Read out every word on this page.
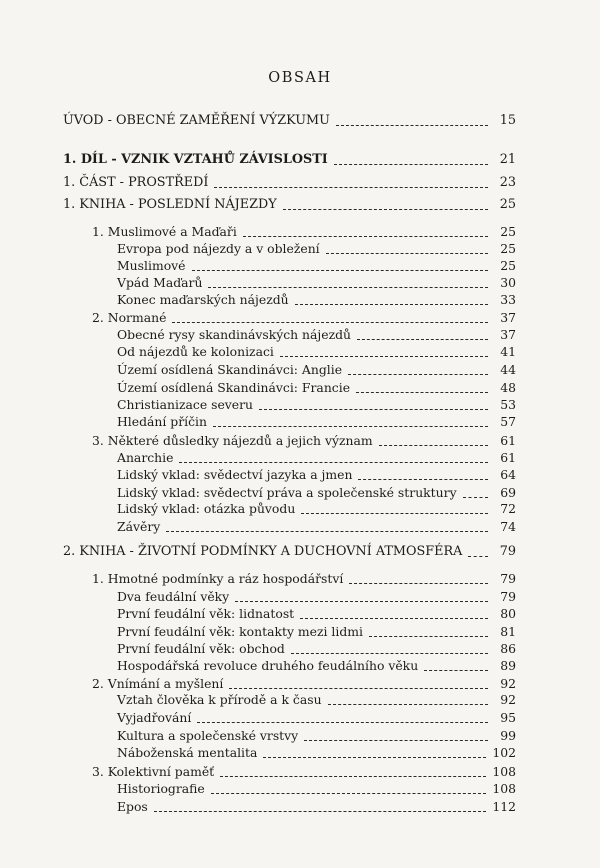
OBSAH
ÚVOD - OBECNÉ ZAMĚŘENÍ VÝZKUMU	15
1. DÍL - VZNIK VZTAHŮ ZÁVISLOSTI	21
1. ČÁST - PROSTŘEDÍ	23
1. KNIHA - POSLEDNÍ NÁJEZDY	25
1. Muslimové a Maďaři	25
Evropa pod nájezdy a v obležení	25
Muslimové	25
Vpád Maďarů	30
Konec maďarských nájezdů	33
2. Normané	37
Obecné rysy skandinávských nájezdů	37
Od nájezdů ke kolonizaci	41
Území osídlená Skandinávci: Anglie	44
Území osídlená Skandinávci: Francie	48
Christianizace severu	53
Hledání příčin	57
3. Některé důsledky nájezdů a jejich význam	61
Anarchie	61
Lidský vklad: svědectví jazyka a jmen	64
Lidský vklad: svědectví práva a společenské struktury	69
Lidský vklad: otázka původu	72
Závěry	74
2. KNIHA - ŽIVOTNÍ PODMÍNKY A DUCHOVNÍ ATMOSFÉRA	79
1. Hmotné podmínky a ráz hospodářství	79
Dva feudální věky	79
První feudální věk: lidnatost	80
První feudální věk: kontakty mezi lidmi	81
První feudální věk: obchod	86
Hospodářská revoluce druhého feudálního věku	89
2. Vnímání a myšlení	92
Vztah člověka k přírodě a k času	92
Vyjadřování	95
Kultura a společenské vrstvy	99
Náboženská mentalita	102
3. Kolektivní paměť	108
Historiografie	108
Epos	112
